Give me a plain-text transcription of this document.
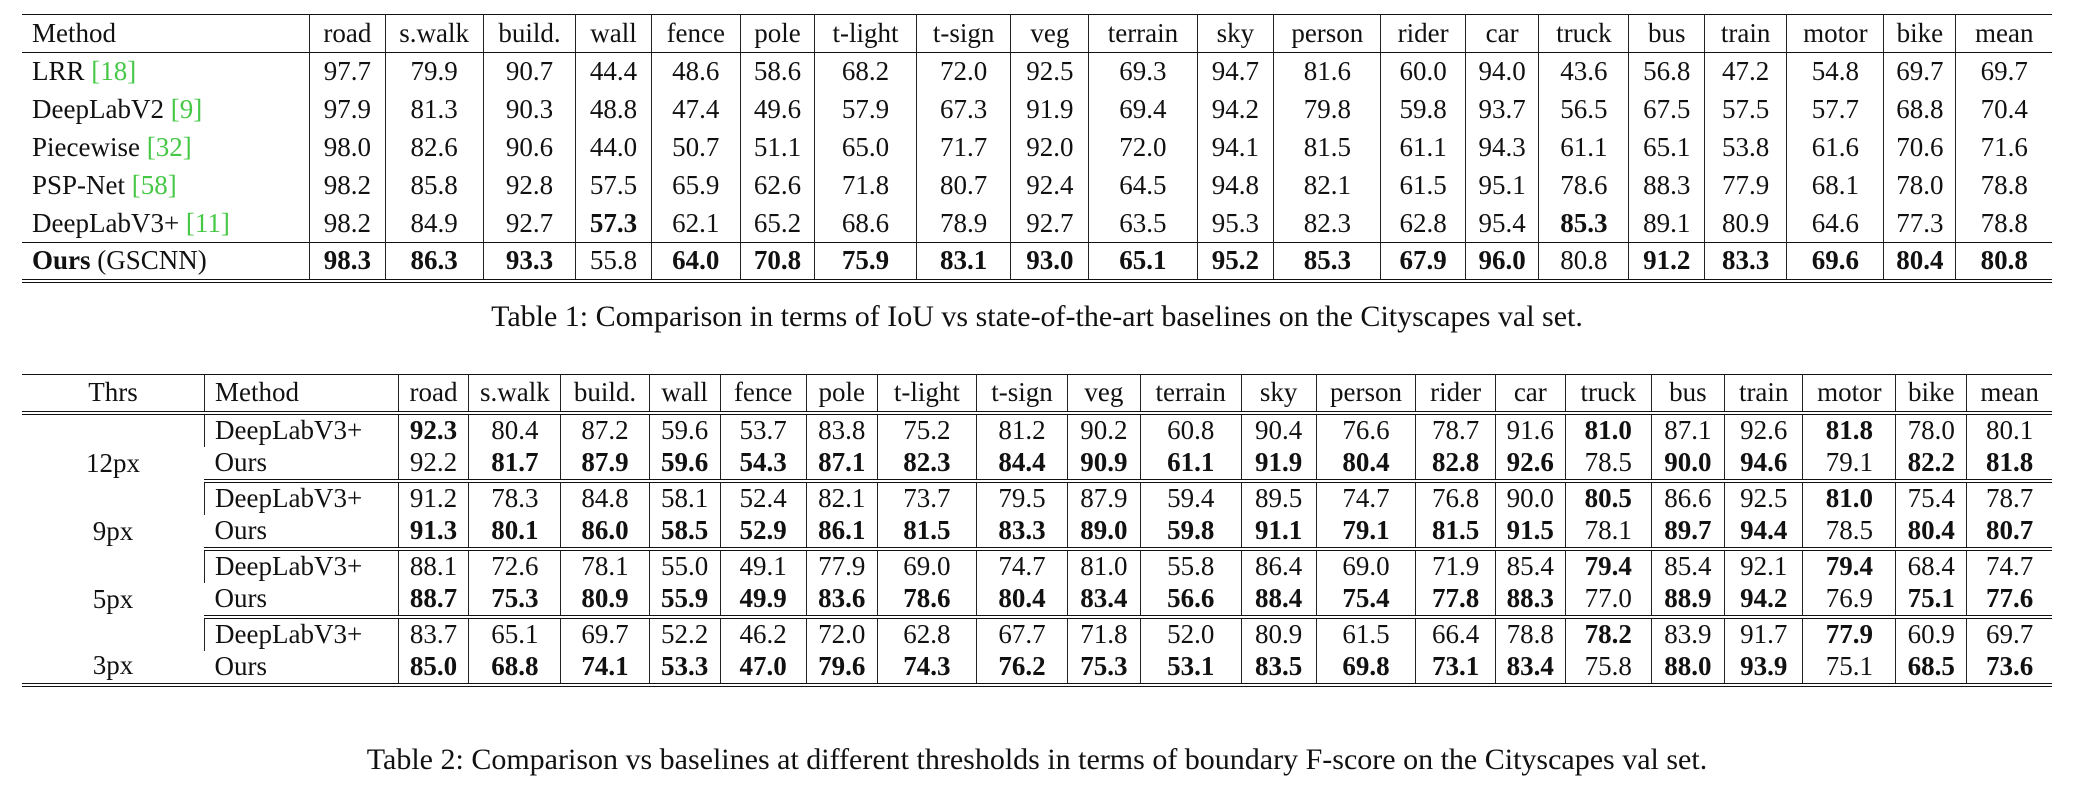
Method	road	s.walk	build.	wall	fence	pole	t-light	t-sign	veg	terrain	sky	person	rider	car	truck	bus	train	motor	bike	mean
LRR [18]	97.7	79.9	90.7	44.4	48.6	58.6	68.2	72.0	92.5	69.3	94.7	81.6	60.0	94.0	43.6	56.8	47.2	54.8	69.7	69.7
DeepLabV2 [9]	97.9	81.3	90.3	48.8	47.4	49.6	57.9	67.3	91.9	69.4	94.2	79.8	59.8	93.7	56.5	67.5	57.5	57.7	68.8	70.4
Piecewise [32]	98.0	82.6	90.6	44.0	50.7	51.1	65.0	71.7	92.0	72.0	94.1	81.5	61.1	94.3	61.1	65.1	53.8	61.6	70.6	71.6
PSP-Net [58]	98.2	85.8	92.8	57.5	65.9	62.6	71.8	80.7	92.4	64.5	94.8	82.1	61.5	95.1	78.6	88.3	77.9	68.1	78.0	78.8
DeepLabV3+ [11]	98.2	84.9	92.7	57.3	62.1	65.2	68.6	78.9	92.7	63.5	95.3	82.3	62.8	95.4	85.3	89.1	80.9	64.6	77.3	78.8
Ours (GSCNN)	98.3	86.3	93.3	55.8	64.0	70.8	75.9	83.1	93.0	65.1	95.2	85.3	67.9	96.0	80.8	91.2	83.3	69.6	80.4	80.8
Table 1: Comparison in terms of IoU vs state-of-the-art baselines on the Cityscapes val set.
Thrs	Method	road	s.walk	build.	wall	fence	pole	t-light	t-sign	veg	terrain	sky	person	rider	car	truck	bus	train	motor	bike	mean
12px	DeepLabV3+	92.3	80.4	87.2	59.6	53.7	83.8	75.2	81.2	90.2	60.8	90.4	76.6	78.7	91.6	81.0	87.1	92.6	81.8	78.0	80.1
	Ours	92.2	81.7	87.9	59.6	54.3	87.1	82.3	84.4	90.9	61.1	91.9	80.4	82.8	92.6	78.5	90.0	94.6	79.1	82.2	81.8
9px	DeepLabV3+	91.2	78.3	84.8	58.1	52.4	82.1	73.7	79.5	87.9	59.4	89.5	74.7	76.8	90.0	80.5	86.6	92.5	81.0	75.4	78.7
	Ours	91.3	80.1	86.0	58.5	52.9	86.1	81.5	83.3	89.0	59.8	91.1	79.1	81.5	91.5	78.1	89.7	94.4	78.5	80.4	80.7
5px	DeepLabV3+	88.1	72.6	78.1	55.0	49.1	77.9	69.0	74.7	81.0	55.8	86.4	69.0	71.9	85.4	79.4	85.4	92.1	79.4	68.4	74.7
	Ours	88.7	75.3	80.9	55.9	49.9	83.6	78.6	80.4	83.4	56.6	88.4	75.4	77.8	88.3	77.0	88.9	94.2	76.9	75.1	77.6
3px	DeepLabV3+	83.7	65.1	69.7	52.2	46.2	72.0	62.8	67.7	71.8	52.0	80.9	61.5	66.4	78.8	78.2	83.9	91.7	77.9	60.9	69.7
	Ours	85.0	68.8	74.1	53.3	47.0	79.6	74.3	76.2	75.3	53.1	83.5	69.8	73.1	83.4	75.8	88.0	93.9	75.1	68.5	73.6
Table 2: Comparison vs baselines at different thresholds in terms of boundary F-score on the Cityscapes val set.
